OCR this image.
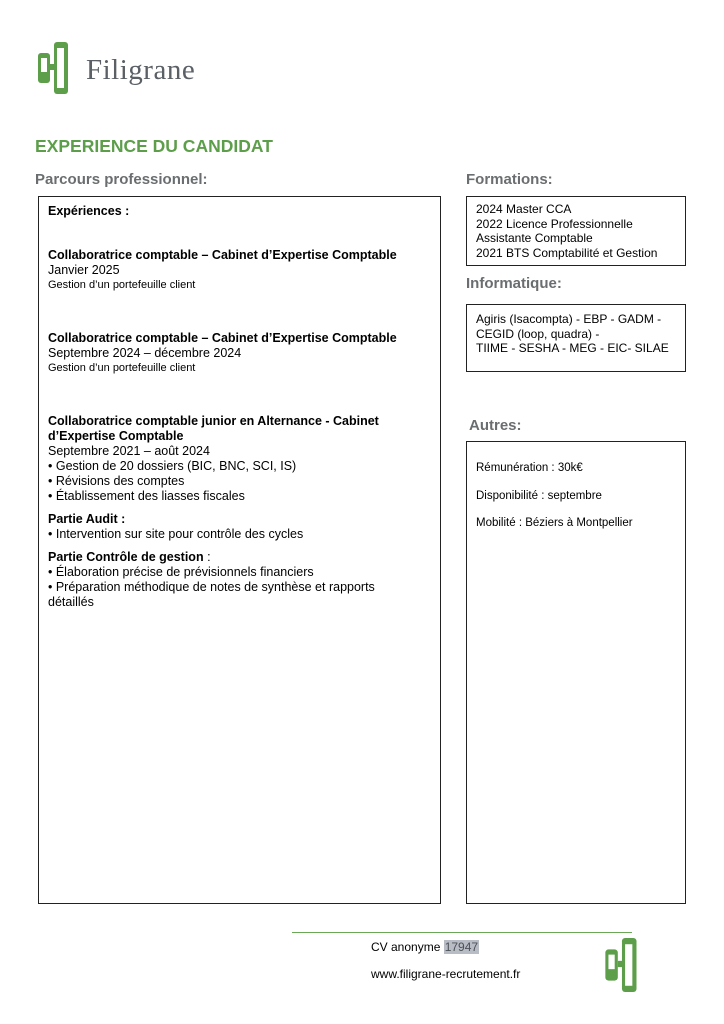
Filigrane
EXPERIENCE DU CANDIDAT
Parcours professionnel:	Formations:
Informatique:
Autres:
Expériences :
Collaboratrice comptable – Cabinet d’Expertise Comptable
Janvier 2025
Gestion d’un portefeuille client
Collaboratrice comptable – Cabinet d’Expertise Comptable
Septembre 2024 – décembre 2024
Gestion d’un portefeuille client
Collaboratrice comptable junior en Alternance - Cabinet
d’Expertise Comptable
Septembre 2021 – août 2024
• Gestion de 20 dossiers (BIC, BNC, SCI, IS)
• Révisions des comptes
• Établissement des liasses fiscales
Partie Audit :
• Intervention sur site pour contrôle des cycles
Partie Contrôle de gestion :
• Élaboration précise de prévisionnels financiers
• Préparation méthodique de notes de synthèse et rapports
détaillés
2024 Master CCA
2022 Licence Professionnelle
Assistante Comptable
2021 BTS Comptabilité et Gestion
Agiris (Isacompta) - EBP - GADM -
CEGID (loop, quadra) -
TIIME - SESHA - MEG - EIC- SILAE
Rémunération : 30k€
Disponibilité : septembre
Mobilité : Béziers à Montpellier
CV anonyme 17947
www.filigrane-recrutement.fr
